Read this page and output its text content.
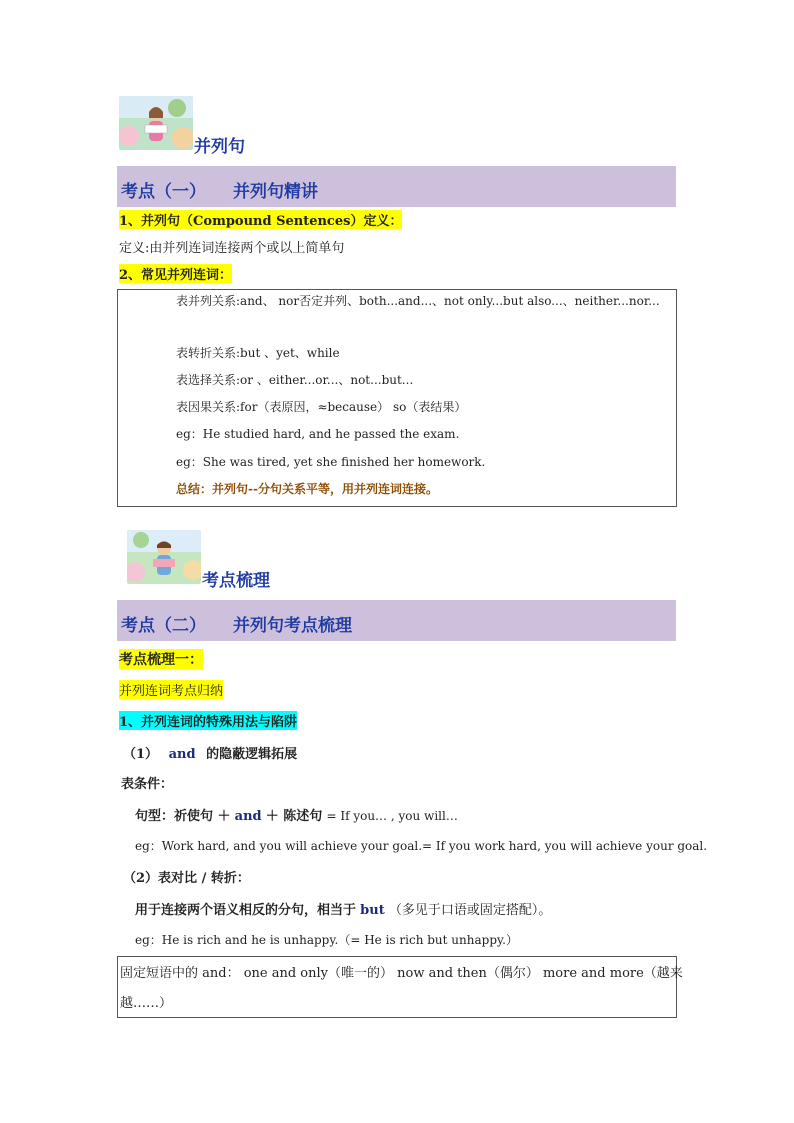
并列句
考点（一） 并列句精讲
1、并列句（Compound Sentences）定义：
定义:由并列连词连接两个或以上简单句
2、常见并列连词：
表并列关系:and、 nor否定并列、both...and...、not only...but also...、neither...nor...
表转折关系:but 、yet、while
表选择关系:or 、either...or...、not...but...
表因果关系:for（表原因，≈because） so（表结果）
eg：He studied hard, and he passed the exam.
eg：She was tired, yet she finished her homework.
总结：并列句--分句关系平等，用并列连词连接。
考点梳理
考点（二） 并列句考点梳理
考点梳理一：
并列连词考点归纳
1、并列连词的特殊用法与陷阱
（1） and 的隐蔽逻辑拓展
表条件：
句型：祈使句 ＋ and ＋ 陈述句 = If you… , you will…
eg：Work hard, and you will achieve your goal.= If you work hard, you will achieve your goal.
（2）表对比 / 转折：
用于连接两个语义相反的分句，相当于 but （多见于口语或固定搭配）。
eg：He is rich and he is unhappy.（= He is rich but unhappy.）
固定短语中的 and： one and only（唯一的） now and then（偶尔） more and more（越来
越……）
